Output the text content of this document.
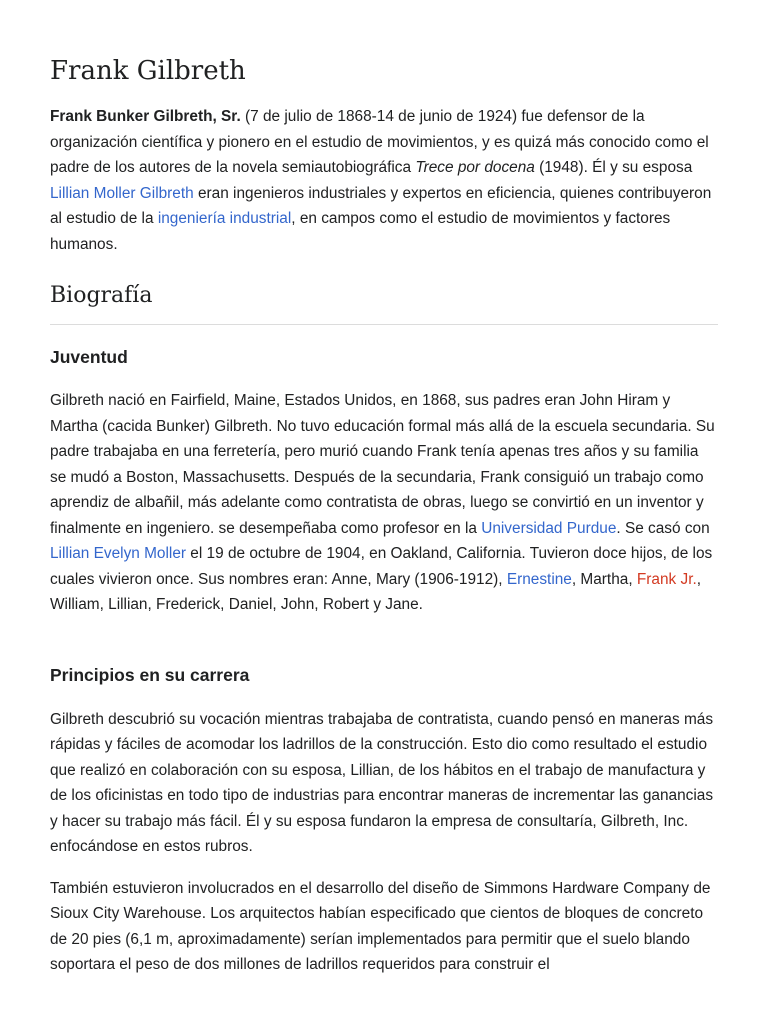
Frank Gilbreth

Frank Bunker Gilbreth, Sr. (7 de julio de 1868-14 de junio de 1924) fue defensor de la organización científica y pionero en el estudio de movimientos, y es quizá más conocido como el padre de los autores de la novela semiautobiográfica Trece por docena (1948). Él y su esposa Lillian Moller Gilbreth eran ingenieros industriales y expertos en eficiencia, quienes contribuyeron al estudio de la ingeniería industrial, en campos como el estudio de movimientos y factores humanos.

Biografía
Juventud

Gilbreth nació en Fairfield, Maine, Estados Unidos, en 1868, sus padres eran John Hiram y Martha (cacida Bunker) Gilbreth. No tuvo educación formal más allá de la escuela secundaria. Su padre trabajaba en una ferretería, pero murió cuando Frank tenía apenas tres años y su familia se mudó a Boston, Massachusetts. Después de la secundaria, Frank consiguió un trabajo como aprendiz de albañil, más adelante como contratista de obras, luego se convirtió en un inventor y finalmente en ingeniero. se desempeñaba como profesor en la Universidad Purdue. Se casó con Lillian Evelyn Moller el 19 de octubre de 1904, en Oakland, California. Tuvieron doce hijos, de los cuales vivieron once. Sus nombres eran: Anne, Mary (1906-1912), Ernestine, Martha, Frank Jr., William, Lillian, Frederick, Daniel, John, Robert y Jane.

Principios en su carrera

Gilbreth descubrió su vocación mientras trabajaba de contratista, cuando pensó en maneras más rápidas y fáciles de acomodar los ladrillos de la construcción. Esto dio como resultado el estudio que realizó en colaboración con su esposa, Lillian, de los hábitos en el trabajo de manufactura y de los oficinistas en todo tipo de industrias para encontrar maneras de incrementar las ganancias y hacer su trabajo más fácil. Él y su esposa fundaron la empresa de consultaría, Gilbreth, Inc. enfocándose en estos rubros.

También estuvieron involucrados en el desarrollo del diseño de Simmons Hardware Company de Sioux City Warehouse. Los arquitectos habían especificado que cientos de bloques de concreto de 20 pies (6,1 m, aproximadamente) serían implementados para permitir que el suelo blando soportara el peso de dos millones de ladrillos requeridos para construir el
